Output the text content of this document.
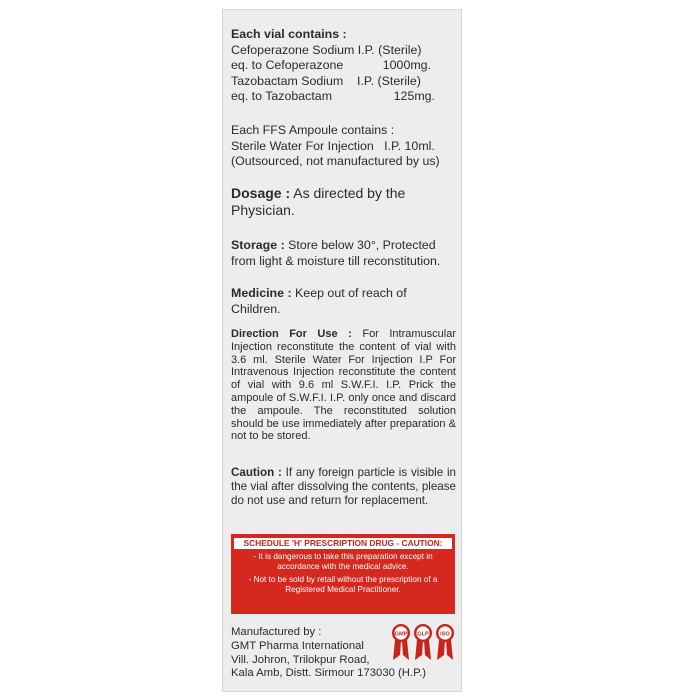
Each vial contains :
Cefoperazone Sodium I.P. (Sterile)
eq. to Cefoperazone	1000mg.
Tazobactam Sodium I.P. (Sterile)
eq. to Tazobactam	125mg.
Each FFS Ampoule contains :
Sterile Water For Injection I.P. 10ml.
(Outsourced, not manufactured by us)
Dosage : As directed by the
Physician.
Storage : Store below 30°, Protected
from light & moisture till reconstitution.
Medicine : Keep out of reach of
Children.
Direction For Use : For Intramuscular Injection reconstitute the content of vial with 3.6 ml. Sterile Water For Injection I.P For Intravenous Injection reconstitute the content of vial with 9.6 ml S.W.F.I. I.P. Prick the ampoule of S.W.F.I. I.P. only once and discard the ampoule. The reconstituted solution should be use immediately after preparation & not to be stored.
Caution : If any foreign particle is visible in the vial after dissolving the contents, please do not use and return for replacement.
SCHEDULE 'H' PRESCRIPTION DRUG - CAUTION:
- It is dangerous to take this preparation except in accordance with the medical advice.
- Not to be sold by retail without the prescription of a Registered Medical Practitioner.
Manufactured by :
GMT Pharma International
Vill. Johron, Trilokpur Road,
Kala Amb, Distt. Sirmour 173030 (H.P.)
GMP GLP ISO
